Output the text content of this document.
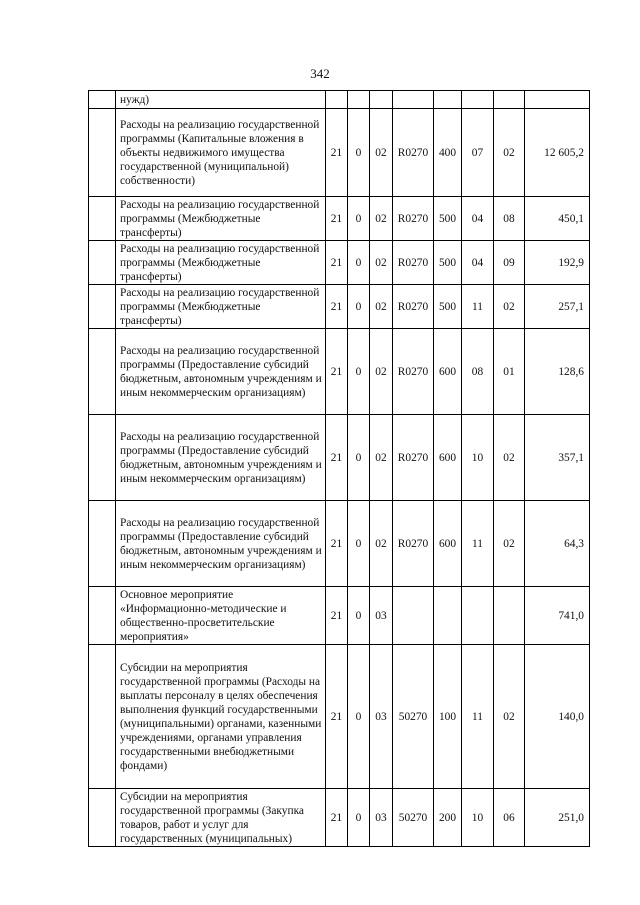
342
	нужд)								
	Расходы на реализацию государственной программы (Капитальные вложения в объекты недвижимого имущества государственной (муниципальной) собственности)	21	0	02	R0270	400	07	02	12 605,2
	Расходы на реализацию государственной программы (Межбюджетные трансферты)	21	0	02	R0270	500	04	08	450,1
	Расходы на реализацию государственной программы (Межбюджетные трансферты)	21	0	02	R0270	500	04	09	192,9
	Расходы на реализацию государственной программы (Межбюджетные трансферты)	21	0	02	R0270	500	11	02	257,1
	Расходы на реализацию государственной программы (Предоставление субсидий бюджетным, автономным учреждениям и иным некоммерческим организациям)	21	0	02	R0270	600	08	01	128,6
	Расходы на реализацию государственной программы (Предоставление субсидий бюджетным, автономным учреждениям и иным некоммерческим организациям)	21	0	02	R0270	600	10	02	357,1
	Расходы на реализацию государственной программы (Предоставление субсидий бюджетным, автономным учреждениям и иным некоммерческим организациям)	21	0	02	R0270	600	11	02	64,3
	Основное мероприятие «Информационно-методические и общественно-просветительские мероприятия»	21	0	03					741,0
	Субсидии на мероприятия государственной программы (Расходы на выплаты персоналу в целях обеспечения выполнения функций государственными (муниципальными) органами, казенными учреждениями, органами управления государственными внебюджетными фондами)	21	0	03	50270	100	11	02	140,0
	Субсидии на мероприятия государственной программы (Закупка товаров, работ и услуг для государственных (муниципальных)	21	0	03	50270	200	10	06	251,0
